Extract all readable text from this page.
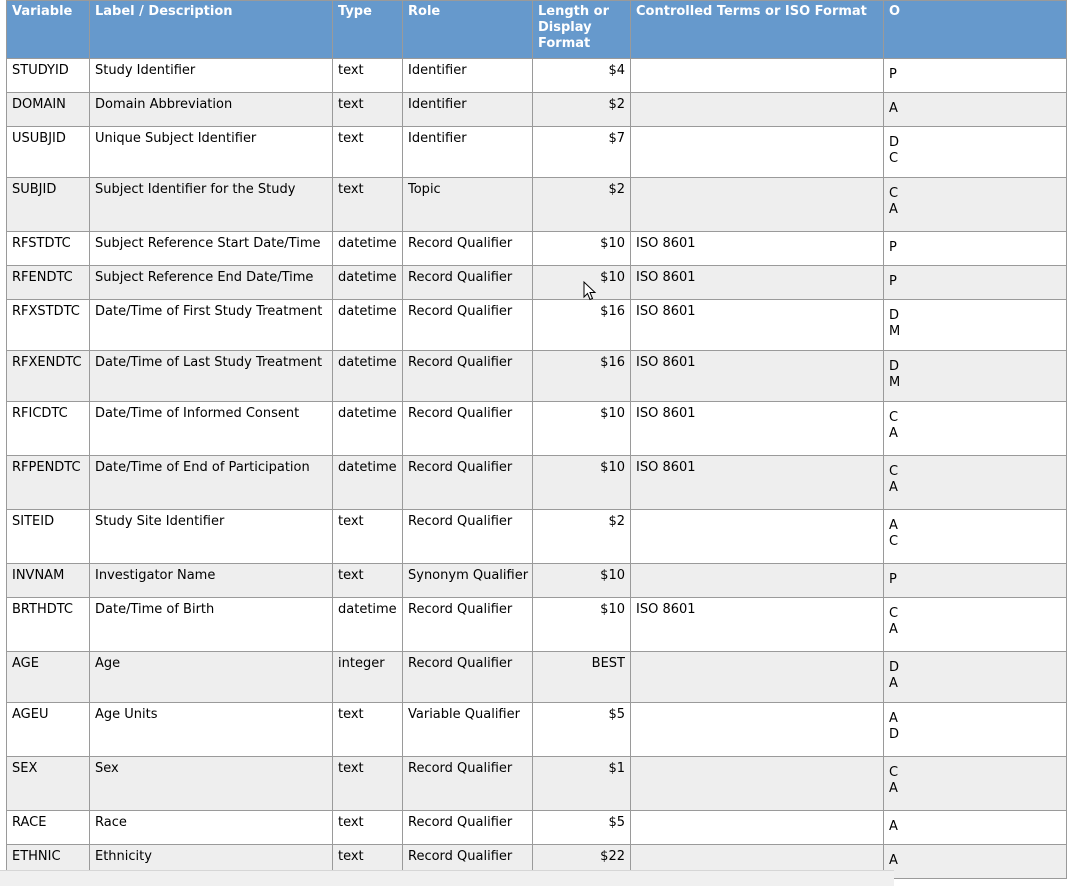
Variable	Label / Description	Type	Role	Length or Display Format	Controlled Terms or ISO Format	O
STUDYID	Study Identifier	text	Identifier	$4		P

DOMAIN	Domain Abbreviation	text	Identifier	$2		A

USUBJID	Unique Subject Identifier	text	Identifier	$7		D
C

SUBJID	Subject Identifier for the Study	text	Topic	$2		C
A

RFSTDTC	Subject Reference Start Date/Time	datetime	Record Qualifier	$10	ISO 8601	P

RFENDTC	Subject Reference End Date/Time	datetime	Record Qualifier	$10	ISO 8601	P

RFXSTDTC	Date/Time of First Study Treatment	datetime	Record Qualifier	$16	ISO 8601	D
M

RFXENDTC	Date/Time of Last Study Treatment	datetime	Record Qualifier	$16	ISO 8601	D
M

RFICDTC	Date/Time of Informed Consent	datetime	Record Qualifier	$10	ISO 8601	C
A

RFPENDTC	Date/Time of End of Participation	datetime	Record Qualifier	$10	ISO 8601	C
A

SITEID	Study Site Identifier	text	Record Qualifier	$2		A
C

INVNAM	Investigator Name	text	Synonym Qualifier	$10		P

BRTHDTC	Date/Time of Birth	datetime	Record Qualifier	$10	ISO 8601	C
A

AGE	Age	integer	Record Qualifier	BEST		D
A

AGEU	Age Units	text	Variable Qualifier	$5		A
D

SEX	Sex	text	Record Qualifier	$1		C
A

RACE	Race	text	Record Qualifier	$5		A

ETHNIC	Ethnicity	text	Record Qualifier	$22		A
